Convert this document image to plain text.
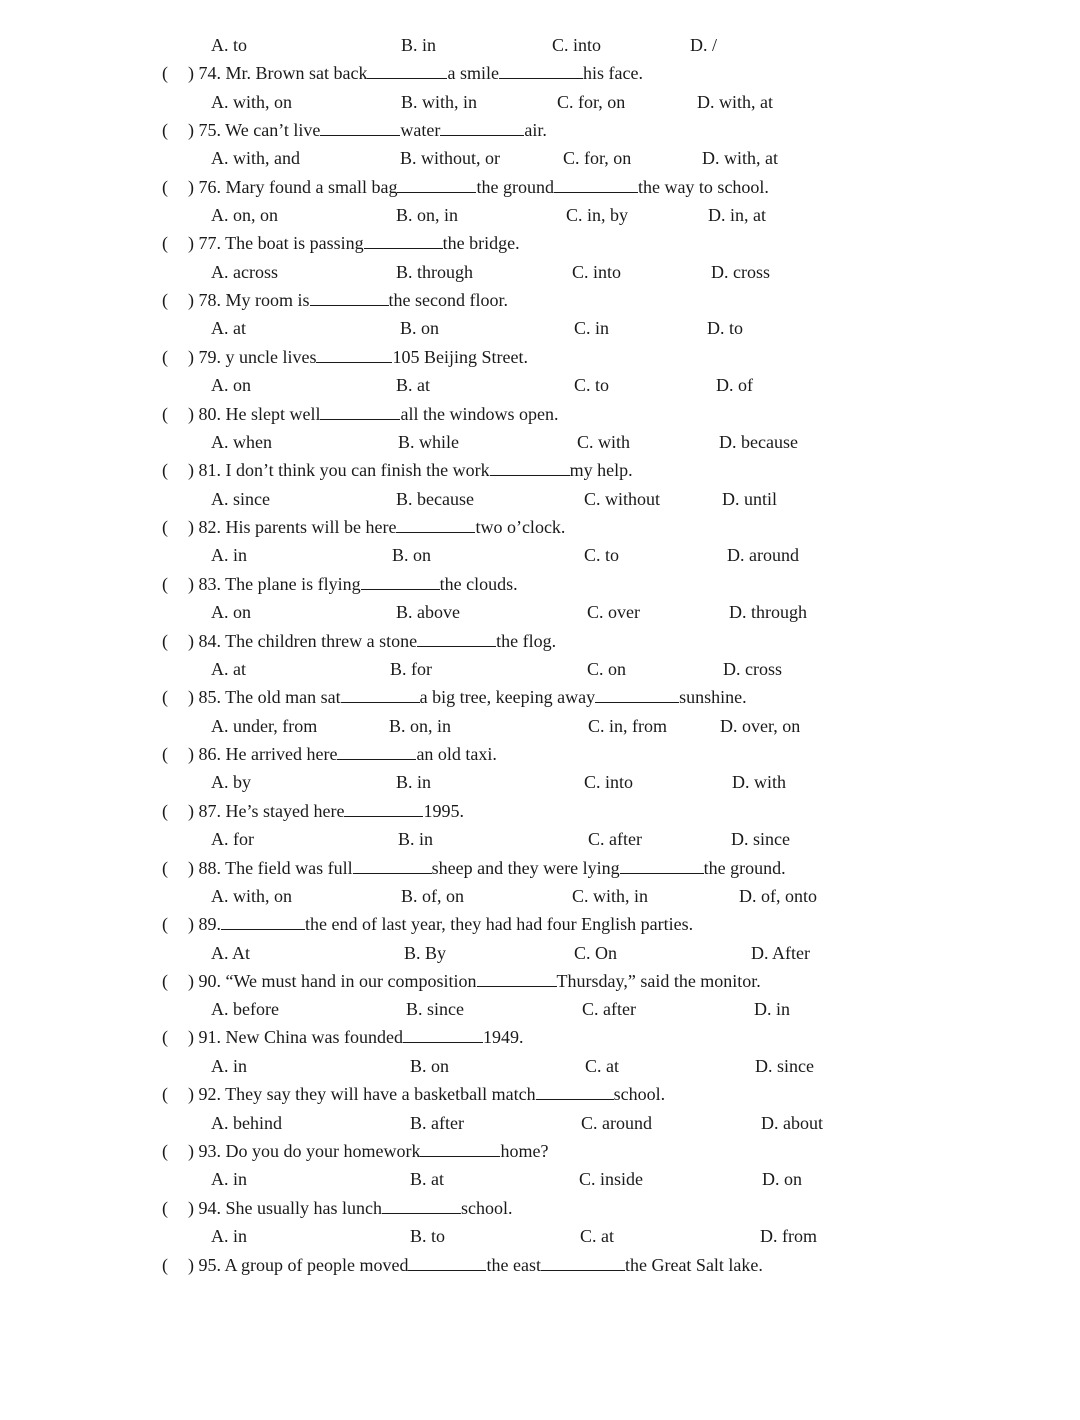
A. to	B. in	C. into	D. /
( ) 74. Mr. Brown sat back	a smile	his face.
A. with, on	B. with, in	C. for, on	D. with, at
( ) 75. We can’t live	water	air.
A. with, and	B. without, or	C. for, on	D. with, at
( ) 76. Mary found a small bag	the ground	the way to school.
A. on, on	B. on, in	C. in, by	D. in, at
( ) 77. The boat is passing	the bridge.
A. across	B. through	C. into	D. cross
( ) 78. My room is	the second floor.
A. at	B. on	C. in	D. to
( ) 79. y uncle lives	105 Beijing Street.
A. on	B. at	C. to	D. of
( ) 80. He slept well	all the windows open.
A. when	B. while	C. with	D. because
( ) 81. I don’t think you can finish the work	my help.
A. since	B. because	C. without	D. until
( ) 82. His parents will be here	two o’clock.
A. in	B. on	C. to	D. around
( ) 83. The plane is flying	the clouds.
A. on	B. above	C. over	D. through
( ) 84. The children threw a stone	the flog.
A. at	B. for	C. on	D. cross
( ) 85. The old man sat	a big tree, keeping away	sunshine.
A. under, from	B. on, in	C. in, from	D. over, on
( ) 86. He arrived here	an old taxi.
A. by	B. in	C. into	D. with
( ) 87. He’s stayed here	1995.
A. for	B. in	C. after	D. since
( ) 88. The field was full	sheep and they were lying	the ground.
A. with, on	B. of, on	C. with, in	D. of, onto
( ) 89.	the end of last year, they had had four English parties.
A. At	B. By	C. On	D. After
( ) 90. “We must hand in our composition	Thursday,” said the monitor.
A. before	B. since	C. after	D. in
( ) 91. New China was founded	1949.
A. in	B. on	C. at	D. since
( ) 92. They say they will have a basketball match	school.
A. behind	B. after	C. around	D. about
( ) 93. Do you do your homework	home?
A. in	B. at	C. inside	D. on
( ) 94. She usually has lunch	school.
A. in	B. to	C. at	D. from
( ) 95. A group of people moved	the east	the Great Salt lake.
